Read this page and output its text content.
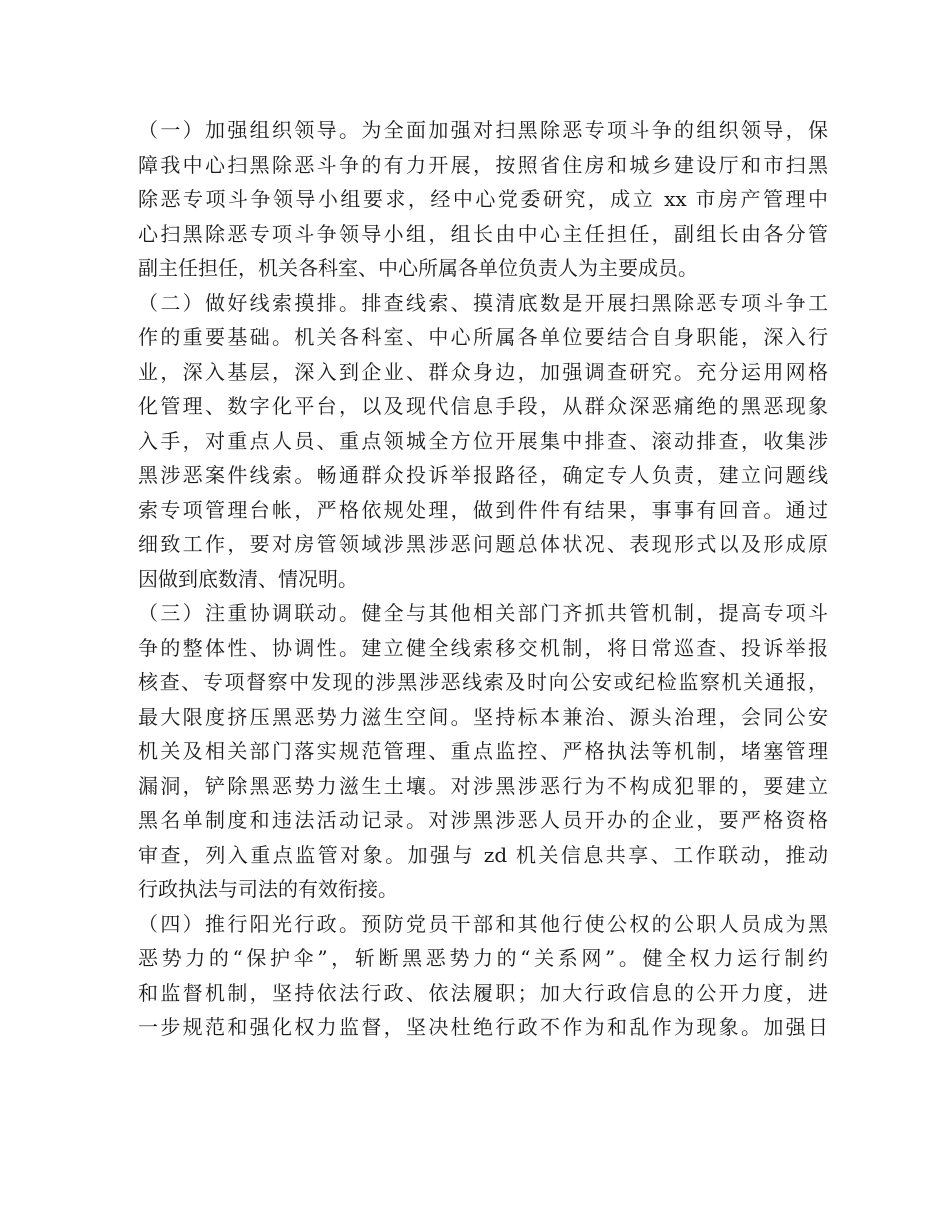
（一）加强组织领导。为全面加强对扫黑除恶专项斗争的组织领导，保
障我中心扫黑除恶斗争的有力开展，按照省住房和城乡建设厅和市扫黑
除恶专项斗争领导小组要求，经中心党委研究，成立 xx 市房产管理中
心扫黑除恶专项斗争领导小组，组长由中心主任担任，副组长由各分管
副主任担任，机关各科室、中心所属各单位负责人为主要成员。
（二）做好线索摸排。排查线索、摸清底数是开展扫黑除恶专项斗争工
作的重要基础。机关各科室、中心所属各单位要结合自身职能，深入行
业，深入基层，深入到企业、群众身边，加强调查研究。充分运用网格
化管理、数字化平台，以及现代信息手段，从群众深恶痛绝的黑恶现象
入手，对重点人员、重点领城全方位开展集中排查、滚动排查，收集涉
黑涉恶案件线索。畅通群众投诉举报路径，确定专人负责，建立问题线
索专项管理台帐，严格依规处理，做到件件有结果，事事有回音。通过
细致工作，要对房管领域涉黑涉恶问题总体状况、表现形式以及形成原
因做到底数清、情况明。
（三）注重协调联动。健全与其他相关部门齐抓共管机制，提高专项斗
争的整体性、协调性。建立健全线索移交机制，将日常巡查、投诉举报
核查、专项督察中发现的涉黑涉恶线索及时向公安或纪检监察机关通报，
最大限度挤压黑恶势力滋生空间。坚持标本兼治、源头治理，会同公安
机关及相关部门落实规范管理、重点监控、严格执法等机制，堵塞管理
漏洞，铲除黑恶势力滋生土壤。对涉黑涉恶行为不构成犯罪的，要建立
黑名单制度和违法活动记录。对涉黑涉恶人员开办的企业，要严格资格
审查，列入重点监管对象。加强与 zd 机关信息共享、工作联动，推动
行政执法与司法的有效衔接。
（四）推行阳光行政。预防党员干部和其他行使公权的公职人员成为黑
恶势力的“保护伞”，斩断黑恶势力的“关系网”。健全权力运行制约
和监督机制，坚持依法行政、依法履职；加大行政信息的公开力度，进
一步规范和强化权力监督，坚决杜绝行政不作为和乱作为现象。加强日
